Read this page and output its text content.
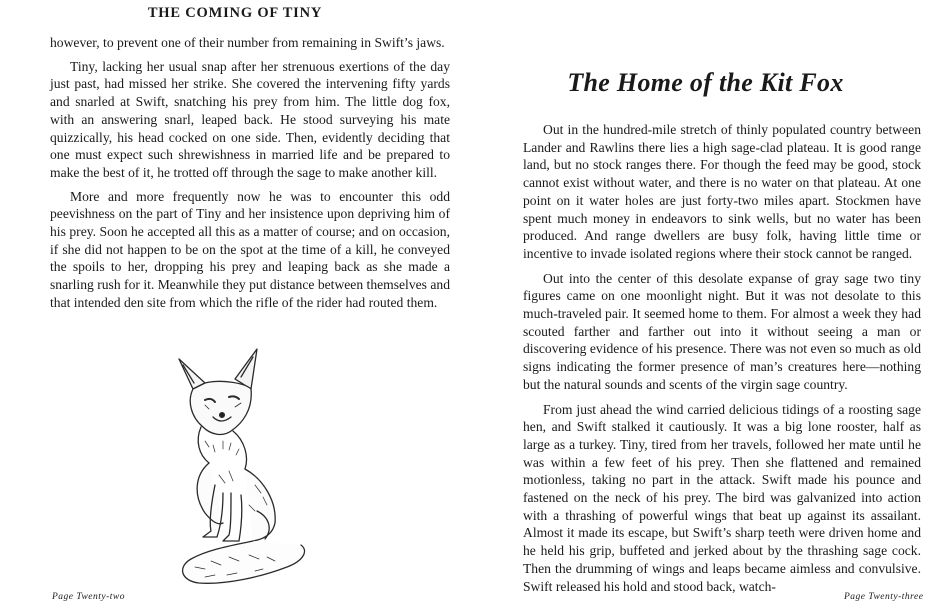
THE COMING OF TINY

however, to prevent one of their number from remaining in Swift’s jaws.

Tiny, lacking her usual snap after her strenuous exertions of the day just past, had missed her strike. She covered the intervening fifty yards and snarled at Swift, snatching his prey from him. The little dog fox, with an answering snarl, leaped back. He stood surveying his mate quizzically, his head cocked on one side. Then, evidently deciding that one must expect such shrewishness in married life and be prepared to make the best of it, he trotted off through the sage to make another kill.

More and more frequently now he was to encounter this odd peevishness on the part of Tiny and her insistence upon depriving him of his prey. Soon he accepted all this as a matter of course; and on occasion, if she did not happen to be on the spot at the time of a kill, he conveyed the spoils to her, dropping his prey and leaping back as she made a snarling rush for it. Meanwhile they put distance between themselves and that intended den site from which the rifle of the rider had routed them.

Page Twenty-two

The Home of the Kit Fox

Out in the hundred-mile stretch of thinly populated country between Lander and Rawlins there lies a high sage-clad plateau. It is good range land, but no stock ranges there. For though the feed may be good, stock cannot exist without water, and there is no water on that plateau. At one point on it water holes are just forty-two miles apart. Stockmen have spent much money in endeavors to sink wells, but no water has been produced. And range dwellers are busy folk, having little time or incentive to invade isolated regions where their stock cannot be ranged.

Out into the center of this desolate expanse of gray sage two tiny figures came on one moonlight night. But it was not desolate to this much-traveled pair. It seemed home to them. For almost a week they had scouted farther and farther out into it without seeing a man or discovering evidence of his presence. There was not even so much as old signs indicating the former presence of man’s creatures here—nothing but the natural sounds and scents of the virgin sage country.

From just ahead the wind carried delicious tidings of a roosting sage hen, and Swift stalked it cautiously. It was a big lone rooster, half as large as a turkey. Tiny, tired from her travels, followed her mate until he was within a few feet of his prey. Then she flattened and remained motionless, taking no part in the attack. Swift made his pounce and fastened on the neck of his prey. The bird was galvanized into action with a thrashing of powerful wings that beat up against its assailant. Almost it made its escape, but Swift’s sharp teeth were driven home and he held his grip, buffeted and jerked about by the thrashing sage cock. Then the drumming of wings and leaps became aimless and convulsive. Swift released his hold and stood back, watch-

Page Twenty-three
